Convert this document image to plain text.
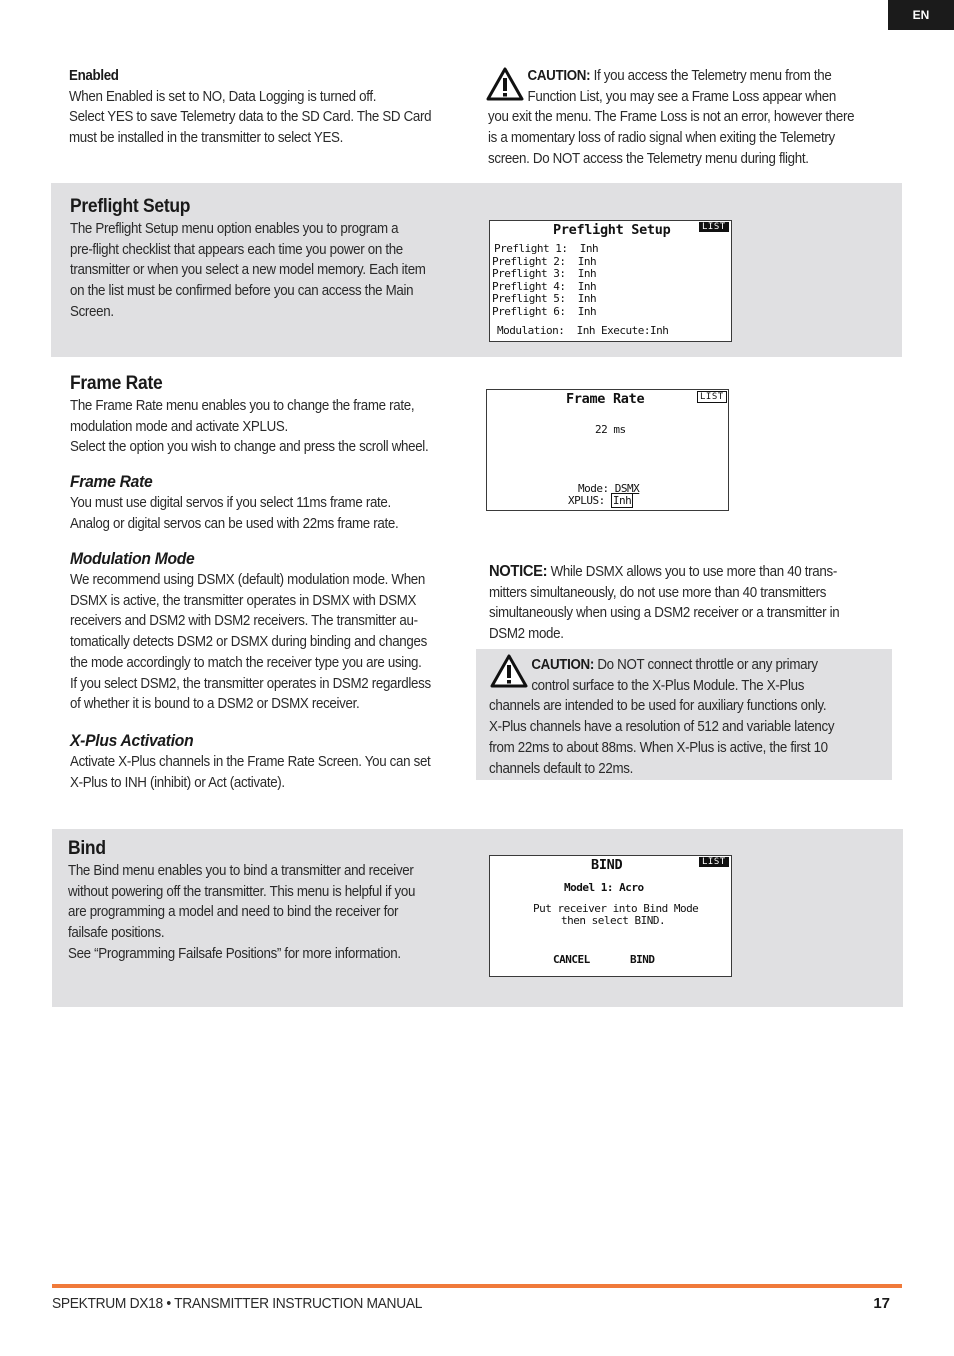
EN
Enabled

When Enabled is set to NO, Data Logging is turned off.

Select YES to save Telemetry data to the SD Card. The SD Card

must be installed in the transmitter to select YES.

CAUTION: If you access the Telemetry menu from the

Function List, you may see a Frame Loss appear when

you exit the menu. The Frame Loss is not an error, however there

is a momentary loss of radio signal when exiting the Telemetry

screen. Do NOT access the Telemetry menu during flight.

Preflight Setup

The Preflight Setup menu option enables you to program a

pre-flight checklist that appears each time you power on the

transmitter or when you select a new model memory. Each item

on the list must be confirmed before you can access the Main

Screen.

Preflight Setup	LIST
Preflight 1:  Inh
Preflight 2:  Inh
Preflight 3:  Inh
Preflight 4:  Inh
Preflight 5:  Inh
Preflight 6:  Inh
Modulation:  Inh Execute:Inh
Frame Rate

The Frame Rate menu enables you to change the frame rate,

modulation mode and activate XPLUS.

Select the option you wish to change and press the scroll wheel.

Frame Rate

You must use digital servos if you select 11ms frame rate.

Analog or digital servos can be used with 22ms frame rate.

Modulation Mode

We recommend using DSMX (default) modulation mode. When

DSMX is active, the transmitter operates in DSMX with DSMX

receivers and DSM2 with DSM2 receivers. The transmitter au-

tomatically detects DSM2 or DSMX during binding and changes

the mode accordingly to match the receiver type you are using.

If you select DSM2, the transmitter operates in DSM2 regardless

of whether it is bound to a DSM2 or DSMX receiver.

X-Plus Activation

Activate X-Plus channels in the Frame Rate Screen. You can set

X-Plus to INH (inhibit) or Act (activate).

Frame Rate	LIST
22 ms
Mode: DSMX
XPLUS: Inh
NOTICE: While DSMX allows you to use more than 40 trans-

mitters simultaneously, do not use more than 40 transmitters

simultaneously when using a DSM2 receiver or a transmitter in

DSM2 mode.

CAUTION: Do NOT connect throttle or any primary
control surface to the X-Plus Module. The X-Plus

channels are intended to be used for auxiliary functions only.

X-Plus channels have a resolution of 512 and variable latency

from 22ms to about 88ms. When X-Plus is active, the first 10

channels default to 22ms.

Bind

The Bind menu enables you to bind a transmitter and receiver

without powering off the transmitter. This menu is helpful if you

are programming a model and need to bind the receiver for

failsafe positions.

See “Programming Failsafe Positions” for more information.

BIND	LIST
Model 1: Acro
Put receiver into Bind Mode
then select BIND.
CANCEL	BIND
SPEKTRUM DX18 • TRANSMITTER INSTRUCTION MANUAL	17
